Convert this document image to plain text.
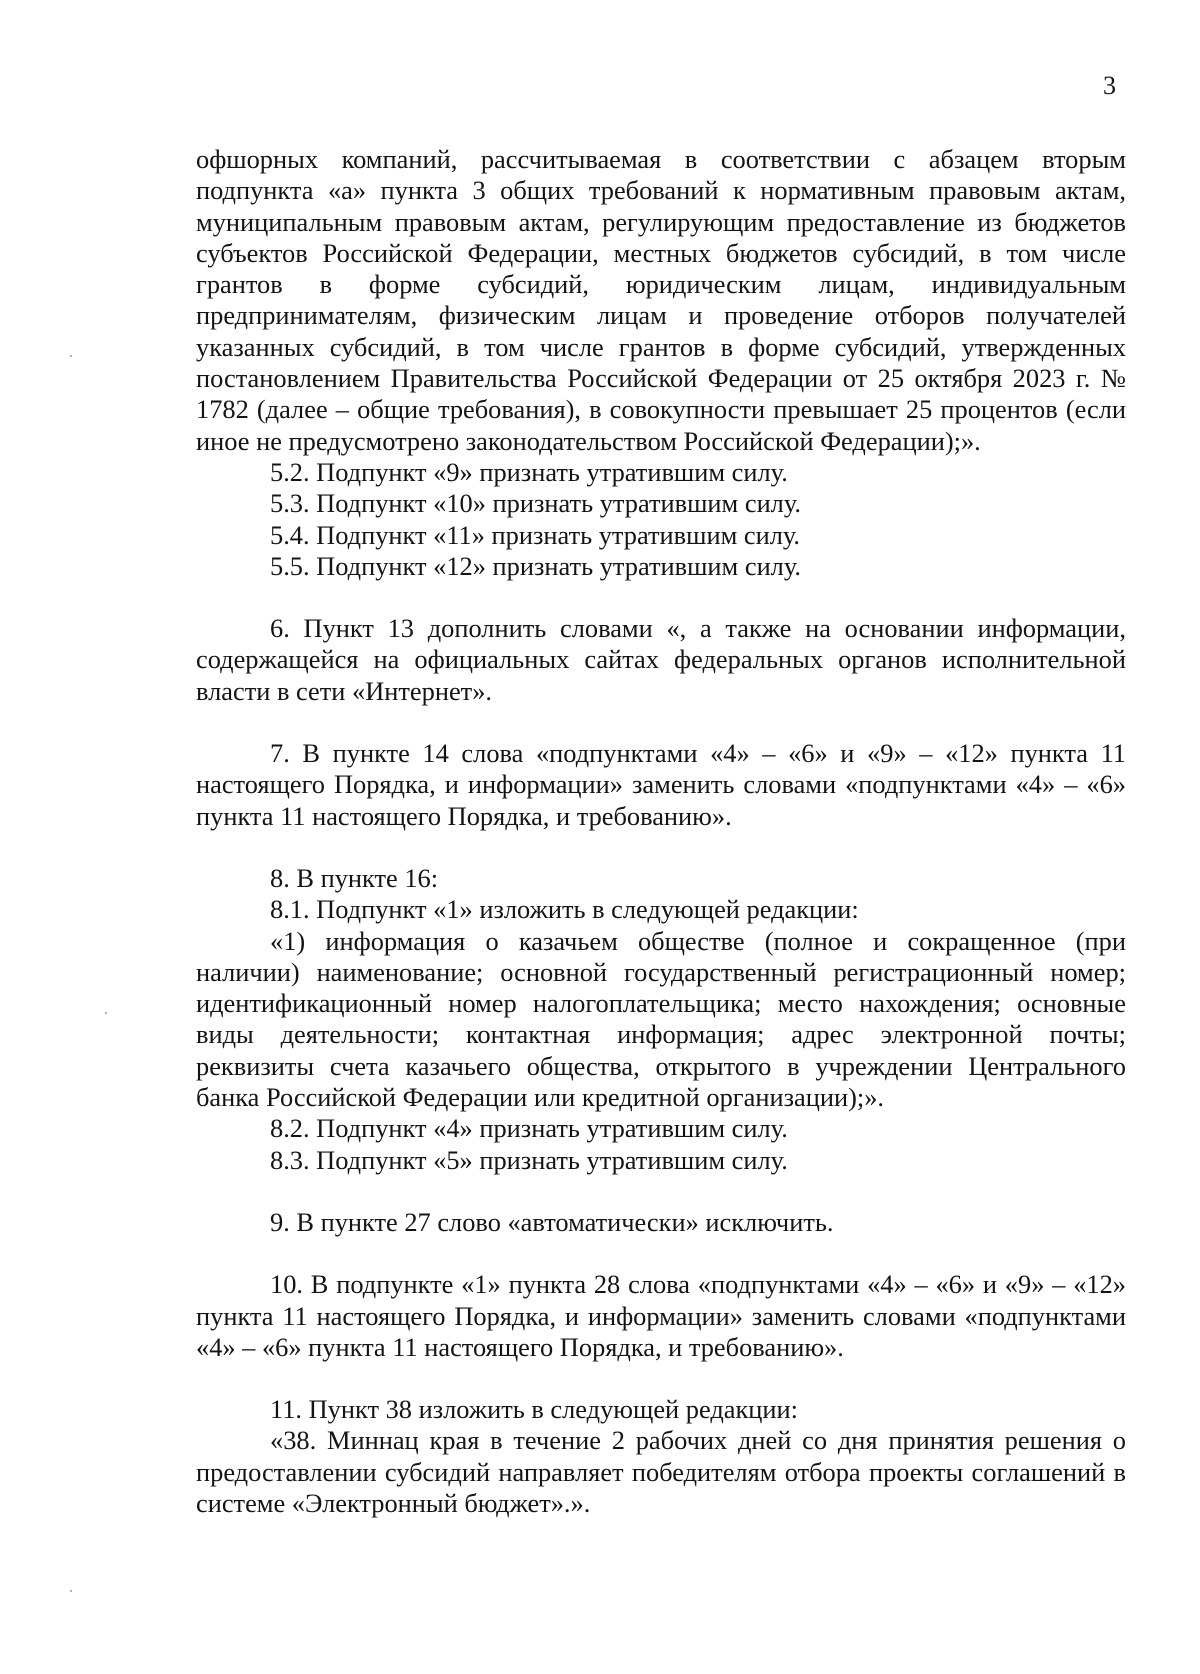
3

офшорных компаний, рассчитываемая в соответствии с абзацем вторым подпункта «а» пункта 3 общих требований к нормативным правовым актам, муниципальным правовым актам, регулирующим предоставление из бюджетов субъектов Российской Федерации, местных бюджетов субсидий, в том числе грантов в форме субсидий, юридическим лицам, индивидуальным предпринимателям, физическим лицам и проведение отборов получателей указанных субсидий, в том числе грантов в форме субсидий, утвержденных постановлением Правительства Российской Федерации от 25 октября 2023 г. № 1782 (далее – общие требования), в совокупности превышает 25 процентов (если иное не предусмотрено законодательством Российской Федерации);».

5.2. Подпункт «9» признать утратившим силу.

5.3. Подпункт «10» признать утратившим силу.

5.4. Подпункт «11» признать утратившим силу.

5.5. Подпункт «12» признать утратившим силу.

6. Пункт 13 дополнить словами «, а также на основании информации, содержащейся на официальных сайтах федеральных органов исполнительной власти в сети «Интернет».

7. В пункте 14 слова «подпунктами «4» – «6» и «9» – «12» пункта 11 настоящего Порядка, и информации» заменить словами «подпунктами «4» – «6» пункта 11 настоящего Порядка, и требованию».

8. В пункте 16:

8.1. Подпункт «1» изложить в следующей редакции:

«1) информация о казачьем обществе (полное и сокращенное (при наличии) наименование; основной государственный регистрационный номер; идентификационный номер налогоплательщика; место нахождения; основные виды деятельности; контактная информация; адрес электронной почты; реквизиты счета казачьего общества, открытого в учреждении Центрального банка Российской Федерации или кредитной организации);».

8.2. Подпункт «4» признать утратившим силу.

8.3. Подпункт «5» признать утратившим силу.

9. В пункте 27 слово «автоматически» исключить.

10. В подпункте «1» пункта 28 слова «подпунктами «4» – «6» и «9» – «12» пункта 11 настоящего Порядка, и информации» заменить словами «подпунктами «4» – «6» пункта 11 настоящего Порядка, и требованию».

11. Пункт 38 изложить в следующей редакции:

«38. Миннац края в течение 2 рабочих дней со дня принятия решения о предоставлении субсидий направляет победителям отбора проекты соглашений в системе «Электронный бюджет».».
